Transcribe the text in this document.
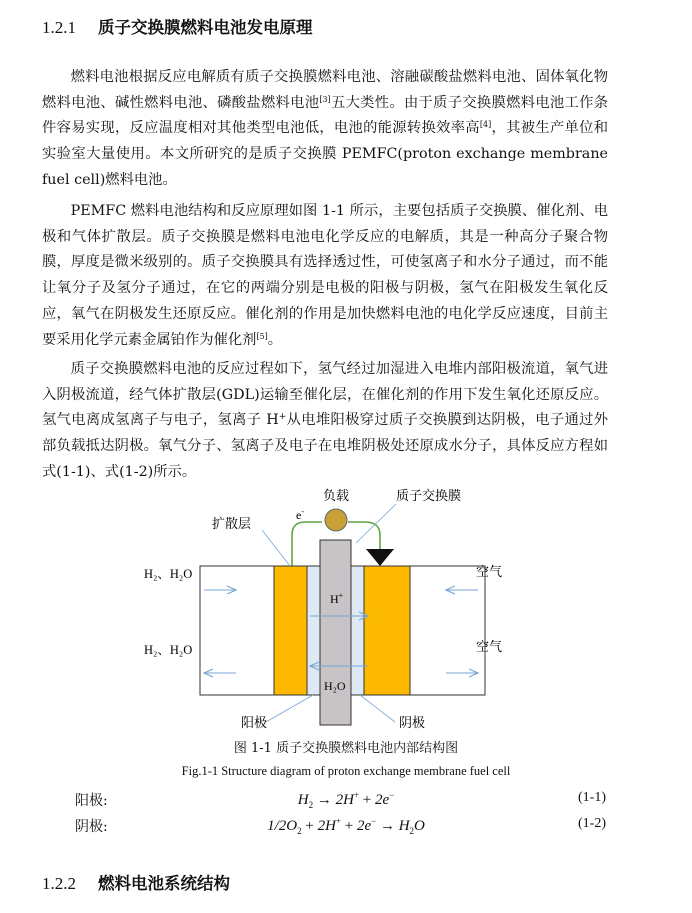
1.2.1 质子交换膜燃料电池发电原理

燃料电池根据反应电解质有质子交换膜燃料电池、溶融碳酸盐燃料电池、固体氧化物燃料电池、碱性燃料电池、磷酸盐燃料电池[3]五大类性。由于质子交换膜燃料电池工作条件容易实现，反应温度相对其他类型电池低，电池的能源转换效率高[4]，其被生产单位和实验室大量使用。本文所研究的是质子交换膜 PEMFC(proton exchange membrane fuel cell)燃料电池。

PEMFC 燃料电池结构和反应原理如图 1-1 所示，主要包括质子交换膜、催化剂、电极和气体扩散层。质子交换膜是燃料电池电化学反应的电解质，其是一种高分子聚合物膜，厚度是微米级别的。质子交换膜具有选择透过性，可使氢离子和水分子通过，而不能让氧分子及氢分子通过，在它的两端分别是电极的阳极与阴极，氢气在阳极发生氧化反应，氧气在阴极发生还原反应。催化剂的作用是加快燃料电池的电化学反应速度，目前主要采用化学元素金属铂作为催化剂[5]。

质子交换膜燃料电池的反应过程如下，氢气经过加湿进入电堆内部阳极流道，氧气进入阴极流道，经气体扩散层(GDL)运输至催化层，在催化剂的作用下发生氧化还原反应。氢气电离成氢离子与电子，氢离子 H+从电堆阳极穿过质子交换膜到达阴极，电子通过外部负载抵达阴极。氧气分子、氢离子及电子在电堆阴极处还原成水分子，具体反应方程如式(1-1)、式(1-2)所示。

负载	质子交换膜
扩散层
e-
H₂、H₂O
H₂、H₂O
空气
空气
H+
H₂O
阳极	阴极
图 1-1 质子交换膜燃料电池内部结构图
Fig.1-1 Structure diagram of proton exchange membrane fuel cell
阳极:	$H_2 \to 2H^+ + 2e^-$	(1-1)
阴极:	$1/2O_2 + 2H^+ + 2e^- \to H_2O$	(1-2)
1.2.2 燃料电池系统结构
